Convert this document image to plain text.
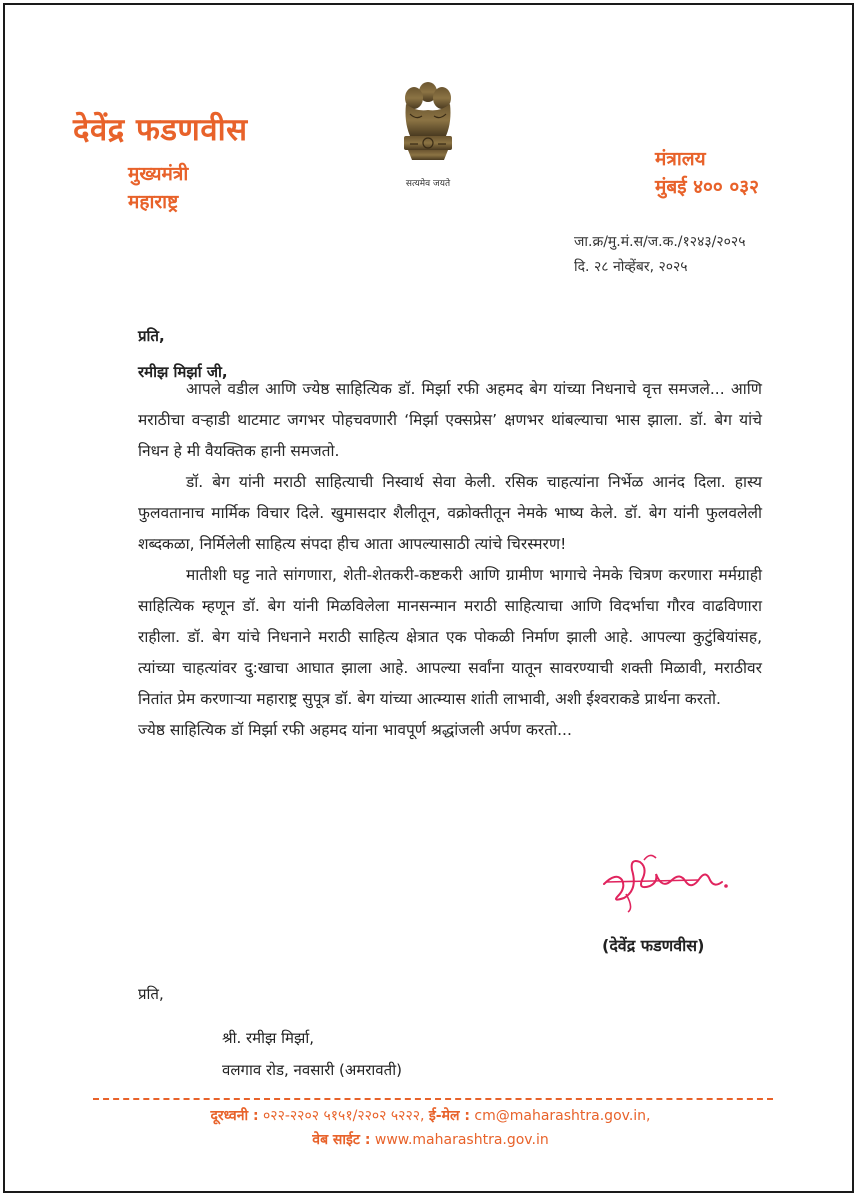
देवेंद्र फडणवीस
मुख्यमंत्री
महाराष्ट्र
सत्यमेव जयते
मंत्रालय
मुंबई ४०० ०३२
जा.क्र/मु.मं.स/ज.क./१२४३/२०२५
दि. २८ नोव्हेंबर, २०२५
प्रति,
रमीझ मिर्झा जी,

आपले वडील आणि ज्येष्ठ साहित्यिक डॉ. मिर्झा रफी अहमद बेग यांच्या निधनाचे वृत्त समजले... आणि मराठीचा वऱ्हाडी थाटमाट जगभर पोहचवणारी ‘मिर्झा एक्सप्रेस’ क्षणभर थांबल्याचा भास झाला. डॉ. बेग यांचे निधन हे मी वैयक्तिक हानी समजतो.

डॉ. बेग यांनी मराठी साहित्याची निस्वार्थ सेवा केली. रसिक चाहत्यांना निर्भेळ आनंद दिला. हास्य फुलवतानाच मार्मिक विचार दिले. खुमासदार शैलीतून, वक्रोक्तीतून नेमके भाष्य केले. डॉ. बेग यांनी फुलवलेली शब्दकळा, निर्मिलेली साहित्य संपदा हीच आता आपल्यासाठी त्यांचे चिरस्मरण!

मातीशी घट्ट नाते सांगणारा, शेती-शेतकरी-कष्टकरी आणि ग्रामीण भागाचे नेमके चित्रण करणारा मर्मग्राही साहित्यिक म्हणून डॉ. बेग यांनी मिळविलेला मानसन्मान मराठी साहित्याचा आणि विदर्भाचा गौरव वाढविणारा राहीला. डॉ. बेग यांचे निधनाने मराठी साहित्य क्षेत्रात एक पोकळी निर्माण झाली आहे. आपल्या कुटुंबियांसह, त्यांच्या चाहत्यांवर दु:खाचा आघात झाला आहे. आपल्या सर्वांना यातून सावरण्याची शक्ती मिळावी, मराठीवर नितांत प्रेम करणाऱ्या महाराष्ट्र सुपूत्र डॉ. बेग यांच्या आत्म्यास शांती लाभावी, अशी ईश्वराकडे प्रार्थना करतो.

ज्येष्ठ साहित्यिक डॉ मिर्झा रफी अहमद यांना भावपूर्ण श्रद्धांजली अर्पण करतो...

(देवेंद्र फडणवीस)
प्रति,
श्री. रमीझ मिर्झा,
वलगाव रोड, नवसारी (अमरावती)
दूरध्वनी : ०२२-२२०२ ५१५१/२२०२ ५२२२, ई-मेल : cm@maharashtra.gov.in,
वेब साईट : www.maharashtra.gov.in
